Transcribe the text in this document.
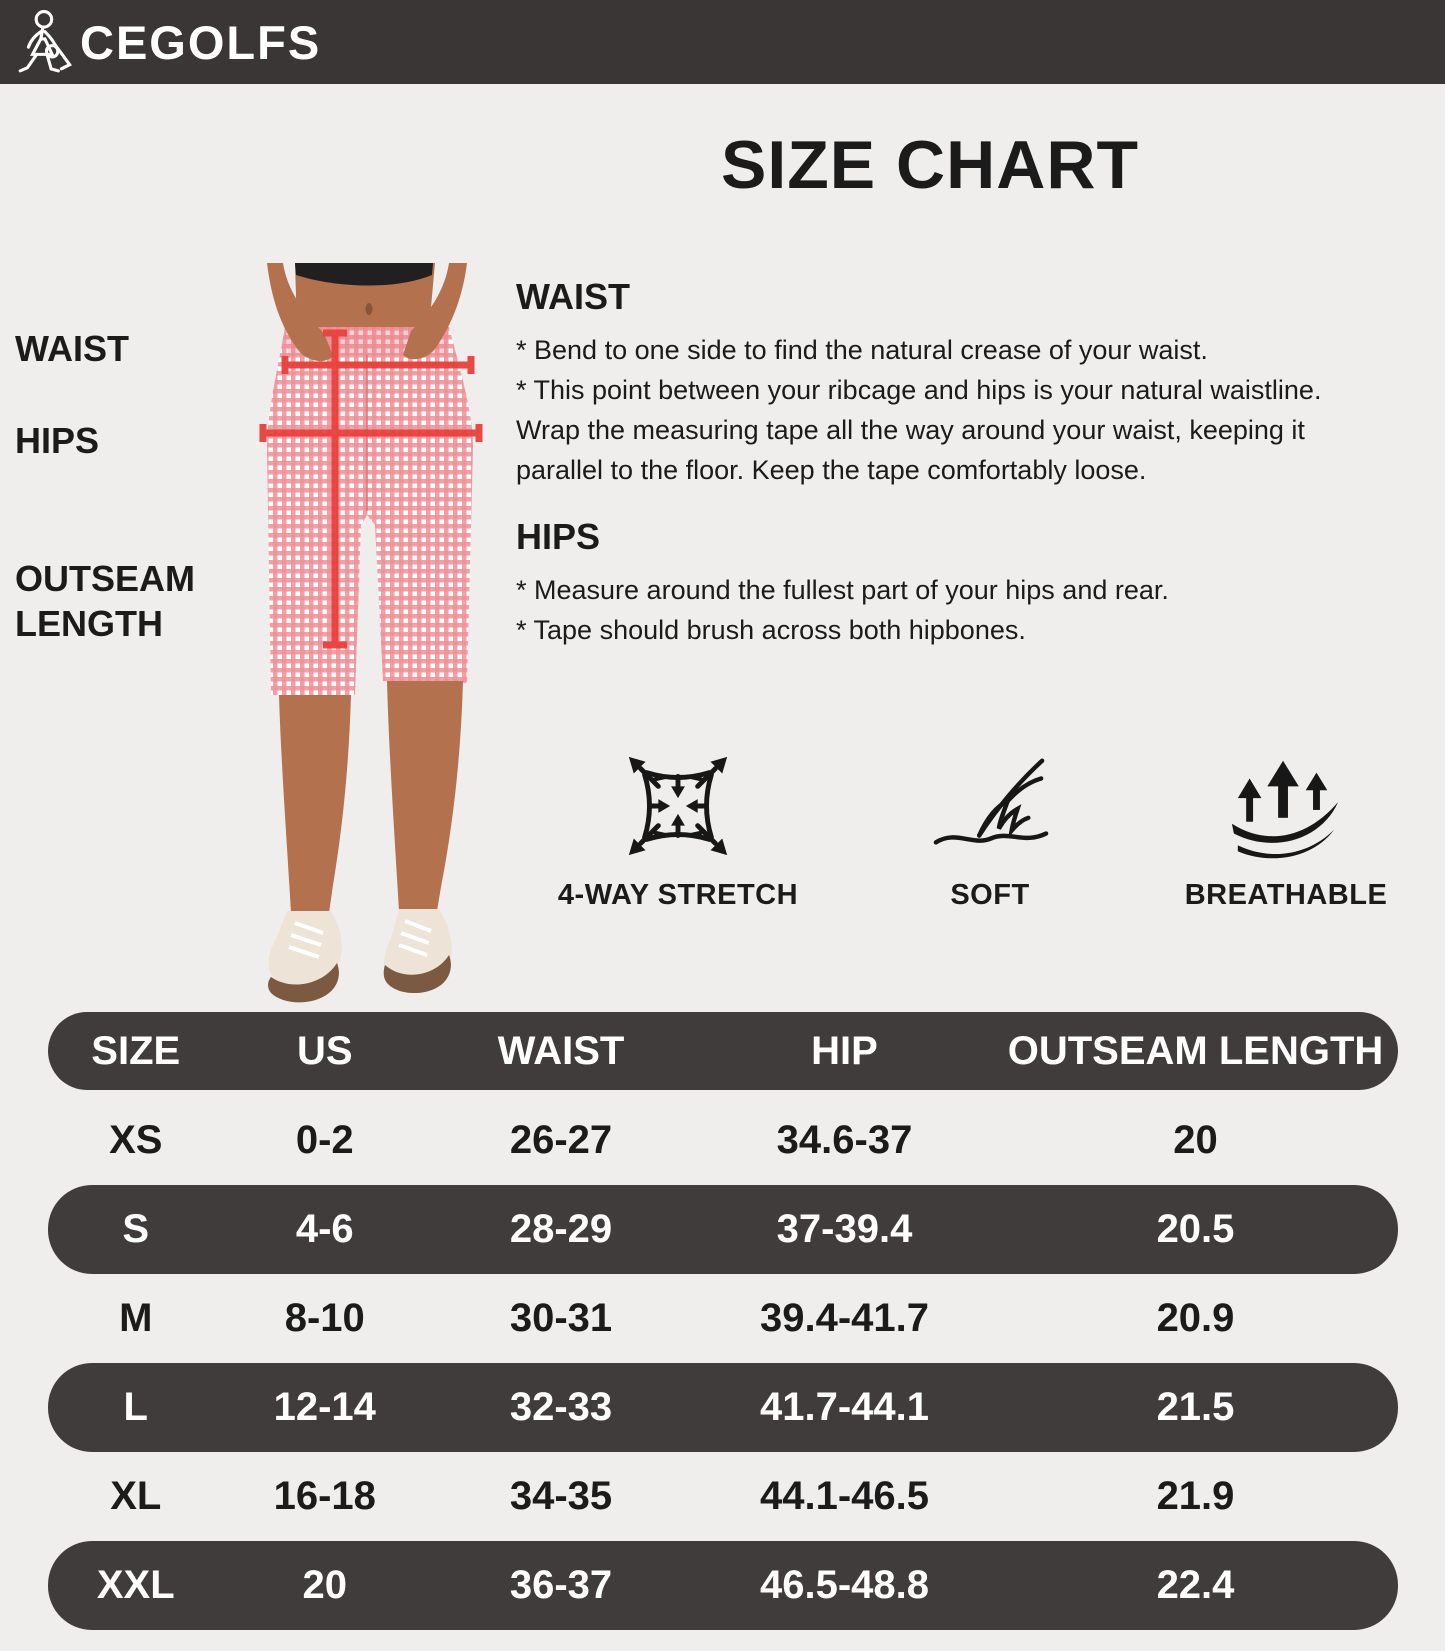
CEGOLFS
SIZE CHART
WAIST
HIPS
OUTSEAM LENGTH
WAIST

* Bend to one side to find the natural crease of your waist.

* This point between your ribcage and hips is your natural waistline. Wrap the measuring tape all the way around your waist, keeping it parallel to the floor. Keep the tape comfortably loose.

HIPS

* Measure around the fullest part of your hips and rear.

* Tape should brush across both hipbones.

4-WAY STRETCH	SOFT	BREATHABLE
SIZE	US	WAIST	HIP	OUTSEAM LENGTH
XS	0-2	26-27	34.6-37	20
S	4-6	28-29	37-39.4	20.5
M	8-10	30-31	39.4-41.7	20.9
L	12-14	32-33	41.7-44.1	21.5
XL	16-18	34-35	44.1-46.5	21.9
XXL	20	36-37	46.5-48.8	22.4
